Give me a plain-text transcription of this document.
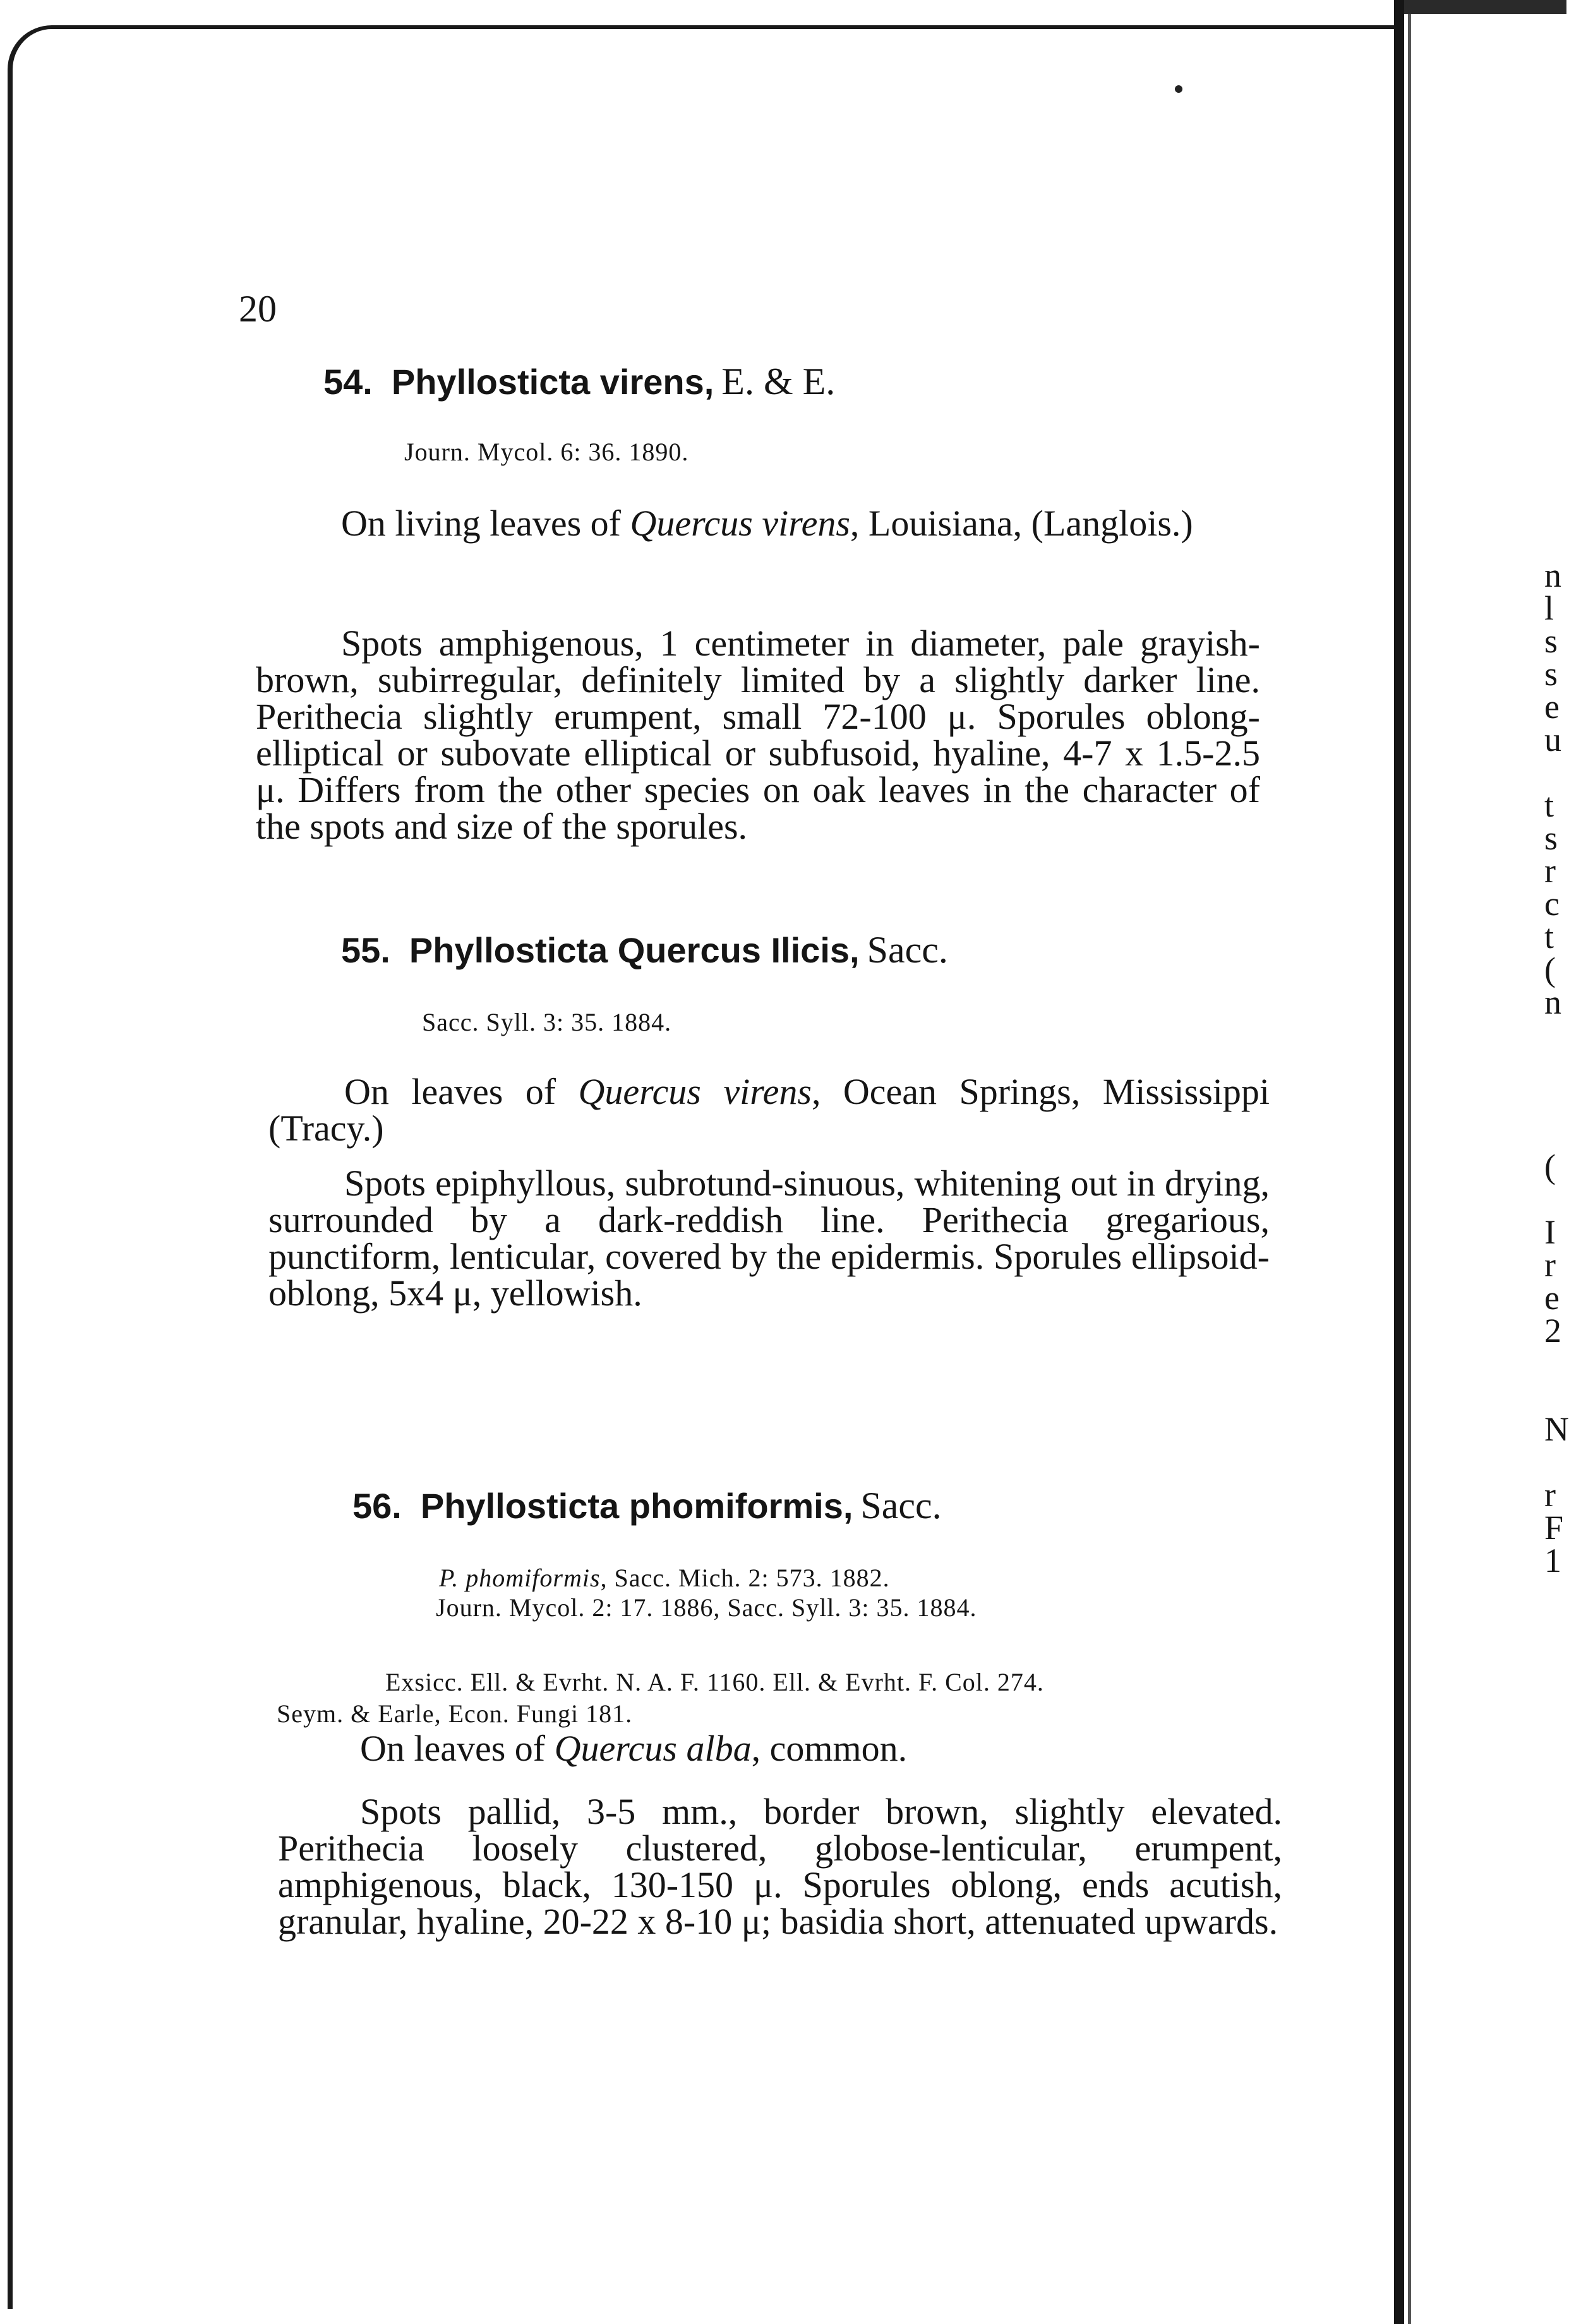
20
54. Phyllosticta virens, E. & E.
Journ. Mycol. 6: 36. 1890.
On living leaves of Quercus virens, Louisiana, (Langlois.)
Spots amphigenous, 1 centimeter in diameter, pale grayish-brown, subirregular, definitely limited by a slightly darker line. Perithecia slightly erumpent, small 72-100 μ. Sporules oblong-elliptical or subovate elliptical or subfusoid, hyaline, 4-7 x 1.5-2.5 μ. Differs from the other species on oak leaves in the character of the spots and size of the sporules.
55. Phyllosticta Quercus Ilicis, Sacc.
Sacc. Syll. 3: 35. 1884.
On leaves of Quercus virens, Ocean Springs, Mississippi (Tracy.)
Spots epiphyllous, subrotund-sinuous, whitening out in drying, surrounded by a dark-reddish line. Perithecia gregarious, punctiform, lenticular, covered by the epidermis. Sporules ellipsoid-oblong, 5x4 μ, yellowish.
56. Phyllosticta phomiformis, Sacc.
P. phomiformis, Sacc. Mich. 2: 573. 1882.
Journ. Mycol. 2: 17. 1886, Sacc. Syll. 3: 35. 1884.
Exsicc. Ell. & Evrht. N. A. F. 1160. Ell. & Evrht. F. Col. 274.
Seym. & Earle, Econ. Fungi 181.
On leaves of Quercus alba, common.
Spots pallid, 3-5 mm., border brown, slightly elevated. Perithecia loosely clustered, globose-lenticular, erumpent, amphigenous, black, 130-150 μ. Sporules oblong, ends acutish, granular, hyaline, 20-22 x 8-10 μ; basidia short, attenuated upwards.
n
l
s
s
e
u
t
s
r
c
t
(
n
(
I
r
e
2
N
r
F
1
